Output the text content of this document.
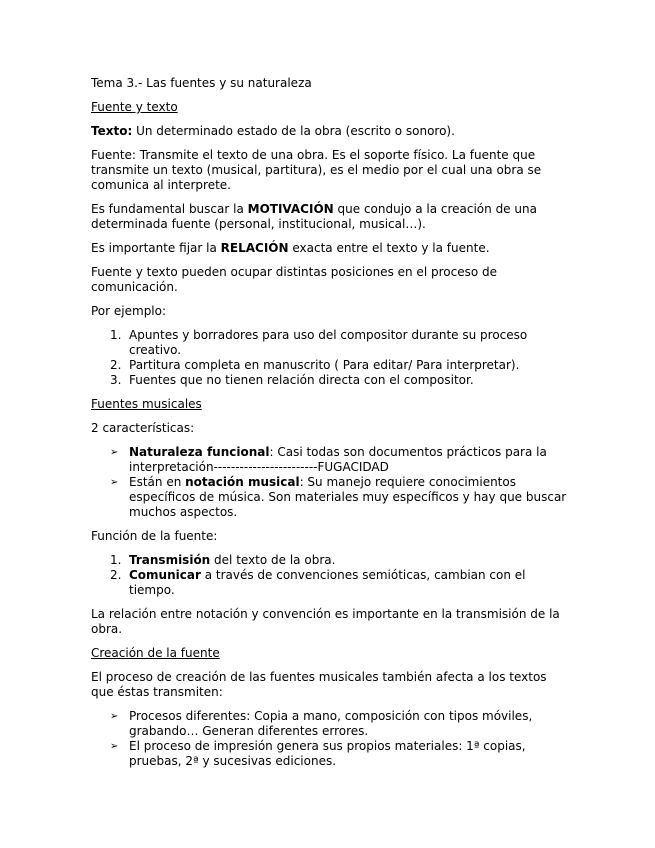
Tema 3.- Las fuentes y su naturaleza

Fuente y texto

Texto: Un determinado estado de la obra (escrito o sonoro).

Fuente: Transmite el texto de una obra. Es el soporte físico. La fuente que transmite un texto (musical, partitura), es el medio por el cual una obra se comunica al interprete.

Es fundamental buscar la MOTIVACIÓN que condujo a la creación de una determinada fuente (personal, institucional, musical…).

Es importante fijar la RELACIÓN exacta entre el texto y la fuente.

Fuente y texto pueden ocupar distintas posiciones en el proceso de comunicación.

Por ejemplo:

1. Apuntes y borradores para uso del compositor durante su proceso creativo.
2. Partitura completa en manuscrito ( Para editar/ Para interpretar).
3. Fuentes que no tienen relación directa con el compositor.

Fuentes musicales

2 características:

➢ Naturaleza funcional: Casi todas son documentos prácticos para la interpretación------------------------FUGACIDAD
➢ Están en notación musical: Su manejo requiere conocimientos específicos de música. Son materiales muy específicos y hay que buscar muchos aspectos.

Función de la fuente:

1. Transmisión del texto de la obra.
2. Comunicar a través de convenciones semióticas, cambian con el tiempo.

La relación entre notación y convención es importante en la transmisión de la obra.

Creación de la fuente

El proceso de creación de las fuentes musicales también afecta a los textos que éstas transmiten:

➢ Procesos diferentes: Copia a mano, composición con tipos móviles, grabando… Generan diferentes errores.
➢ El proceso de impresión genera sus propios materiales: 1ª copias, pruebas, 2ª y sucesivas ediciones.
